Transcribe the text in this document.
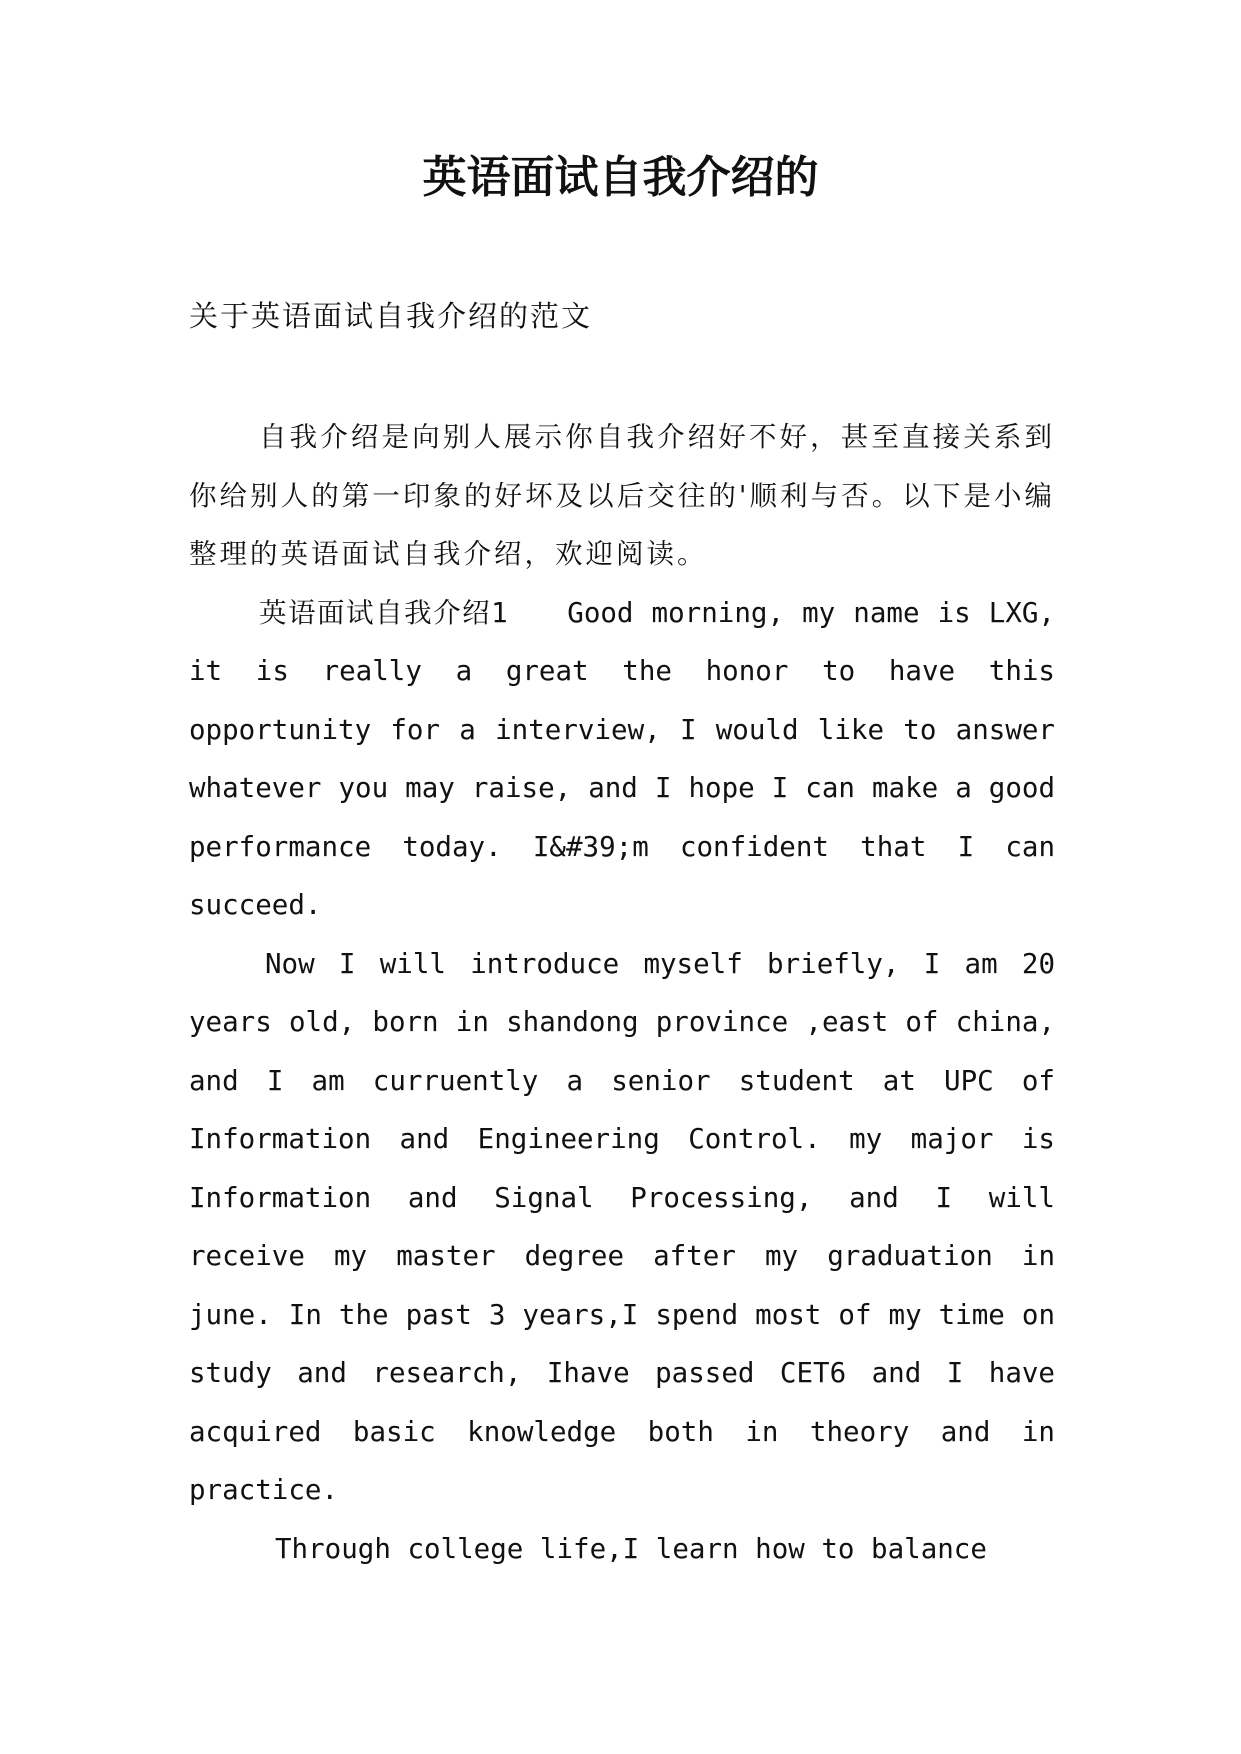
英语面试自我介绍的

关于英语面试自我介绍的范文

自我介绍是向别人展示你自我介绍好不好，甚至直接关系到你给别人的第一印象的好坏及以后交往的'顺利与否。以下是小编整理的英语面试自我介绍，欢迎阅读。

英语面试自我介绍1　　Good morning, my name is LXG, it is really a great the honor to have this opportunity for a interview, I would like to answer whatever you may raise, and I hope I can make a good performance today. I&#39;m confident that I can succeed.

Now I will introduce myself briefly, I am 20 years old, born in shandong province ,east of china, and I am curruently a senior student at UPC of Information and Engineering Control. my major is Information and Signal Processing, and I will receive my master degree after my graduation in june. In the past 3 years,I spend most of my time on study and research, Ihave passed CET6 and I have acquired basic knowledge both in theory and in practice.

Through college life,I learn how to balance
